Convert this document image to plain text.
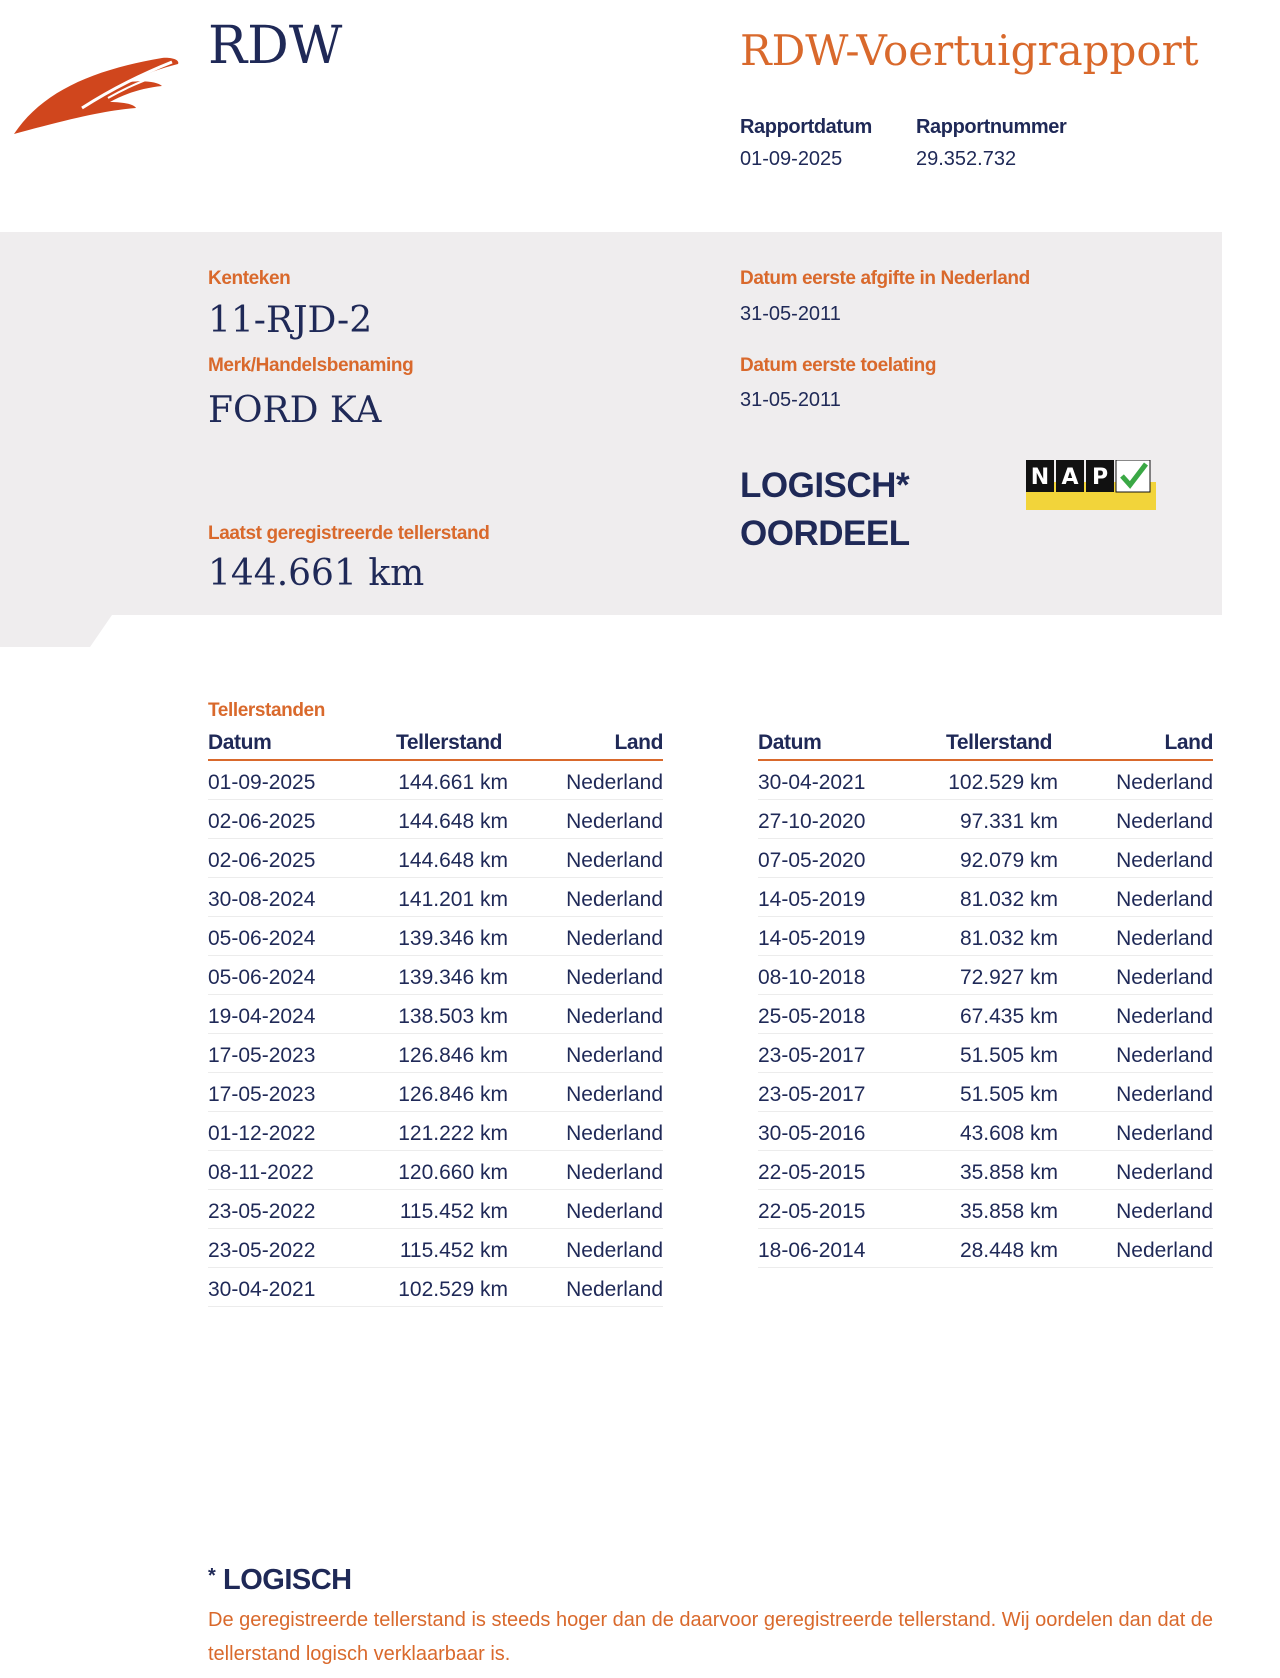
RDW	RDW-Voertuigrapport
Rapportdatum
01-09-2025
Rapportnummer
29.352.732
Kenteken
11-RJD-2
Merk/Handelsbenaming
FORD KA
Datum eerste afgifte in Nederland
31-05-2011
Datum eerste toelating
31-05-2011
Laatst geregistreerde tellerstand
144.661 km
LOGISCH*
OORDEEL
N A P
Tellerstanden
Datum	Tellerstand	Land
01-09-2025	144.661 km	Nederland
02-06-2025	144.648 km	Nederland
02-06-2025	144.648 km	Nederland
30-08-2024	141.201 km	Nederland
05-06-2024	139.346 km	Nederland
05-06-2024	139.346 km	Nederland
19-04-2024	138.503 km	Nederland
17-05-2023	126.846 km	Nederland
17-05-2023	126.846 km	Nederland
01-12-2022	121.222 km	Nederland
08-11-2022	120.660 km	Nederland
23-05-2022	115.452 km	Nederland
23-05-2022	115.452 km	Nederland
30-04-2021	102.529 km	Nederland
Datum	Tellerstand	Land
30-04-2021	102.529 km	Nederland
27-10-2020	97.331 km	Nederland
07-05-2020	92.079 km	Nederland
14-05-2019	81.032 km	Nederland
14-05-2019	81.032 km	Nederland
08-10-2018	72.927 km	Nederland
25-05-2018	67.435 km	Nederland
23-05-2017	51.505 km	Nederland
23-05-2017	51.505 km	Nederland
30-05-2016	43.608 km	Nederland
22-05-2015	35.858 km	Nederland
22-05-2015	35.858 km	Nederland
18-06-2014	28.448 km	Nederland
* LOGISCH
De geregistreerde tellerstand is steeds hoger dan de daarvoor geregistreerde tellerstand. Wij oordelen dan dat de tellerstand logisch verklaarbaar is.
